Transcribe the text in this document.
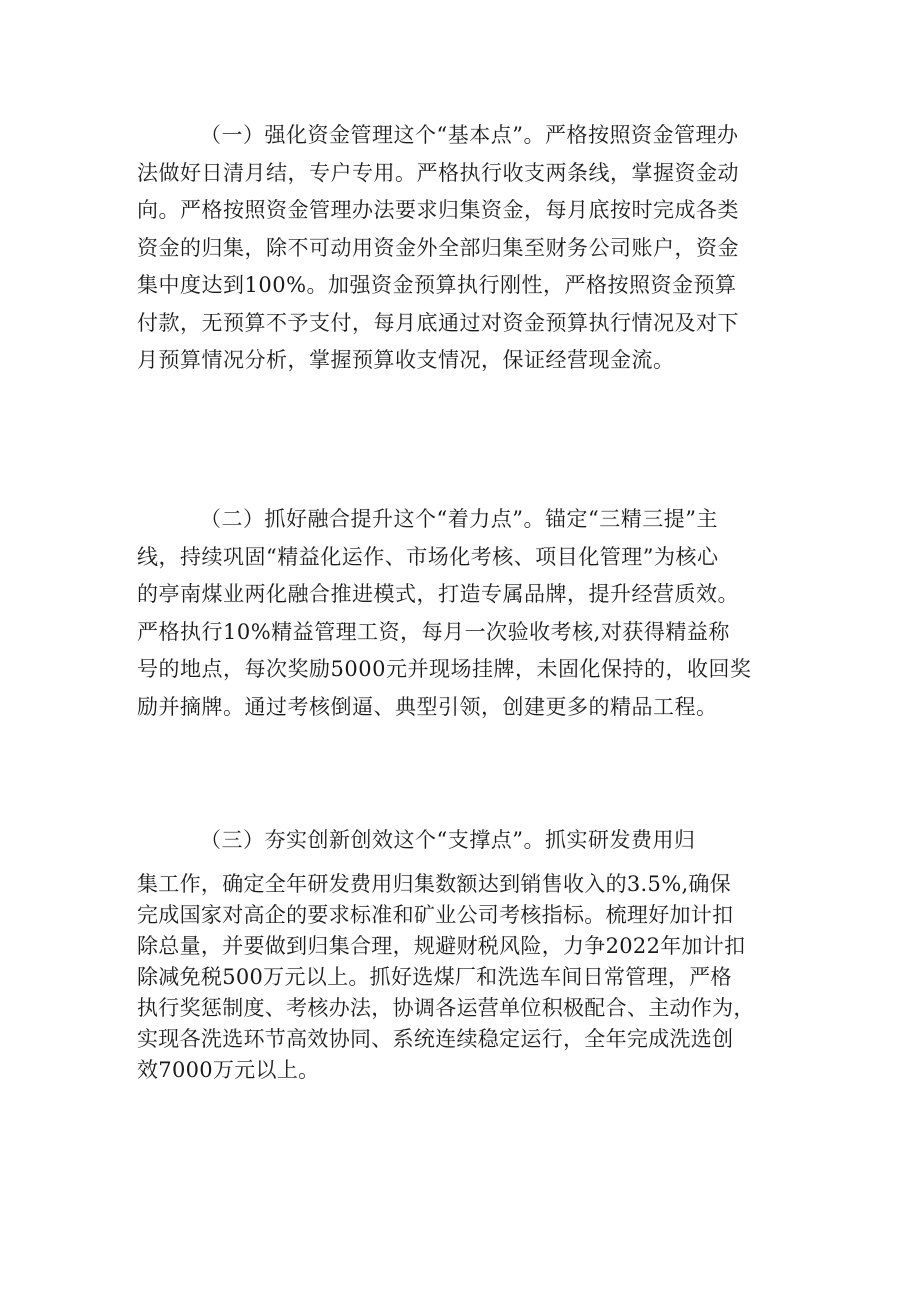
（一）强化资金管理这个“基本点”。严格按照资金管理办
法做好日清月结，专户专用。严格执行收支两条线，掌握资金动
向。严格按照资金管理办法要求归集资金，每月底按时完成各类
资金的归集，除不可动用资金外全部归集至财务公司账户，资金
集中度达到100%。加强资金预算执行刚性，严格按照资金预算
付款，无预算不予支付，每月底通过对资金预算执行情况及对下
月预算情况分析，掌握预算收支情况，保证经营现金流。
（二）抓好融合提升这个“着力点”。锚定“三精三提”主
线，持续巩固“精益化运作、市场化考核、项目化管理”为核心
的亭南煤业两化融合推进模式，打造专属品牌，提升经营质效。
严格执行10%精益管理工资，每月一次验收考核,对获得精益称
号的地点，每次奖励5000元并现场挂牌，未固化保持的，收回奖
励并摘牌。通过考核倒逼、典型引领，创建更多的精品工程。
（三）夯实创新创效这个“支撑点”。抓实研发费用归
集工作，确定全年研发费用归集数额达到销售收入的3.5%,确保
完成国家对高企的要求标准和矿业公司考核指标。梳理好加计扣
除总量，并要做到归集合理，规避财税风险，力争2022年加计扣
除减免税500万元以上。抓好选煤厂和洗选车间日常管理，严格
执行奖惩制度、考核办法，协调各运营单位积极配合、主动作为，
实现各洗选环节高效协同、系统连续稳定运行，全年完成洗选创
效7000万元以上。
